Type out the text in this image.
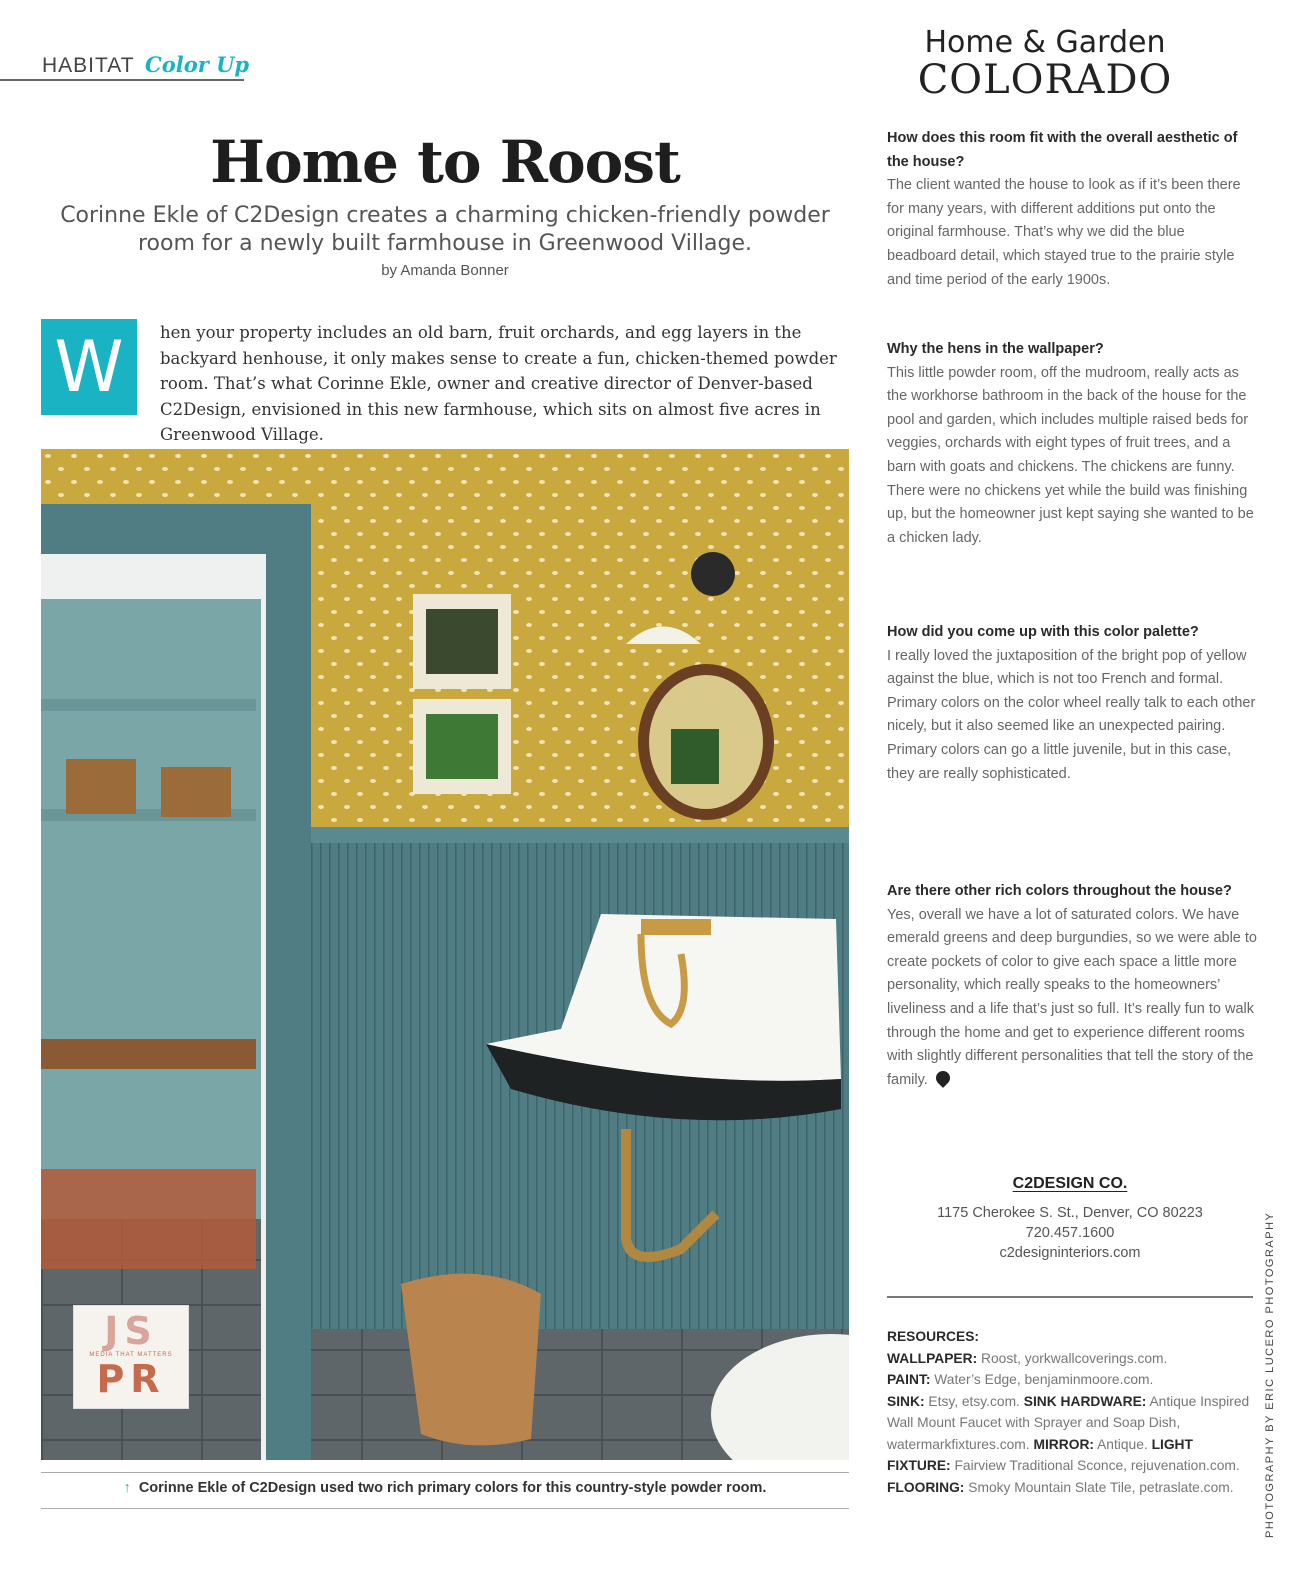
HABITAT Color Up
Home & Garden
COLORADO
Home to Roost
Corinne Ekle of C2Design creates a charming chicken-friendly powder room for a newly built farmhouse in Greenwood Village.
by Amanda Bonner
W	hen your property includes an old barn, fruit orchards, and egg layers in the backyard henhouse, it only makes sense to create a fun, chicken-themed powder room. That’s what Corinne Ekle, owner and creative director of Denver-based C2Design, envisioned in this new farmhouse, which sits on almost five acres in Greenwood Village.
JS
MEDIA THAT MATTERS
PR
↑ Corinne Ekle of C2Design used two rich primary colors for this country-style powder room.
How does this room fit with the overall aesthetic of the house?
The client wanted the house to look as if it’s been there for many years, with different additions put onto the original farmhouse. That’s why we did the blue beadboard detail, which stayed true to the prairie style and time period of the early 1900s.
Why the hens in the wallpaper?
This little powder room, off the mudroom, really acts as the workhorse bathroom in the back of the house for the pool and garden, which includes multiple raised beds for veggies, orchards with eight types of fruit trees, and a barn with goats and chickens. The chickens are funny. There were no chickens yet while the build was finishing up, but the homeowner just kept saying she wanted to be a chicken lady.
How did you come up with this color palette?
I really loved the juxtaposition of the bright pop of yellow against the blue, which is not too French and formal. Primary colors on the color wheel really talk to each other nicely, but it also seemed like an unexpected pairing. Primary colors can go a little juvenile, but in this case, they are really sophisticated.
Are there other rich colors throughout the house?
Yes, overall we have a lot of saturated colors. We have emerald greens and deep burgundies, so we were able to create pockets of color to give each space a little more personality, which really speaks to the homeowners’ liveliness and a life that’s just so full. It’s really fun to walk through the home and get to experience different rooms with slightly different personalities that tell the story of the family.
C2DESIGN CO.
1175 Cherokee S. St., Denver, CO 80223
720.457.1600
c2designinteriors.com
RESOURCES:
WALLPAPER: Roost, yorkwallcoverings.com.
PAINT: Water’s Edge, benjaminmoore.com.
SINK: Etsy, etsy.com. SINK HARDWARE: Antique Inspired Wall Mount Faucet with Sprayer and Soap Dish, watermarkfixtures.com. MIRROR: Antique. LIGHT FIXTURE: Fairview Traditional Sconce, rejuvenation.com. FLOORING: Smoky Mountain Slate Tile, petraslate.com.	PHOTOGRAPHY BY ERIC LUCERO PHOTOGRAPHY
